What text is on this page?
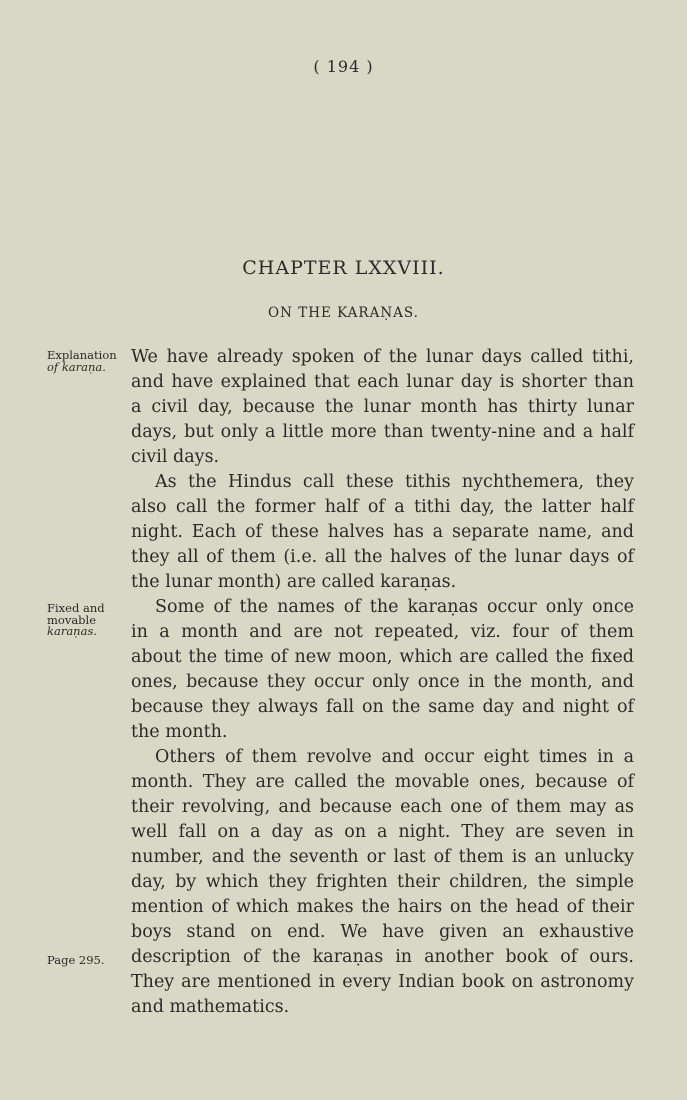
( 194 )
CHAPTER LXXVIII.
ON THE KARAṆAS.
Explanation
of karaṇa.
Fixed and
movable
karaṇas.
Page 295.
We have already spoken of the lunar days called tithi,
and have explained that each lunar day is shorter than
a civil day, because the lunar month has thirty lunar
days, but only a little more than twenty-nine and a half
civil days.
As the Hindus call these tithis nychthemera, they
also call the former half of a tithi day, the latter half
night. Each of these halves has a separate name, and
they all of them (i.e. all the halves of the lunar days of
the lunar month) are called karaṇas.
Some of the names of the karaṇas occur only once
in a month and are not repeated, viz. four of them
about the time of new moon, which are called the fixed
ones, because they occur only once in the month, and
because they always fall on the same day and night of
the month.
Others of them revolve and occur eight times in a
month. They are called the movable ones, because of
their revolving, and because each one of them may as
well fall on a day as on a night. They are seven in
number, and the seventh or last of them is an unlucky
day, by which they frighten their children, the simple
mention of which makes the hairs on the head of their
boys stand on end. We have given an exhaustive
description of the karaṇas in another book of ours.
They are mentioned in every Indian book on astronomy
and mathematics.
